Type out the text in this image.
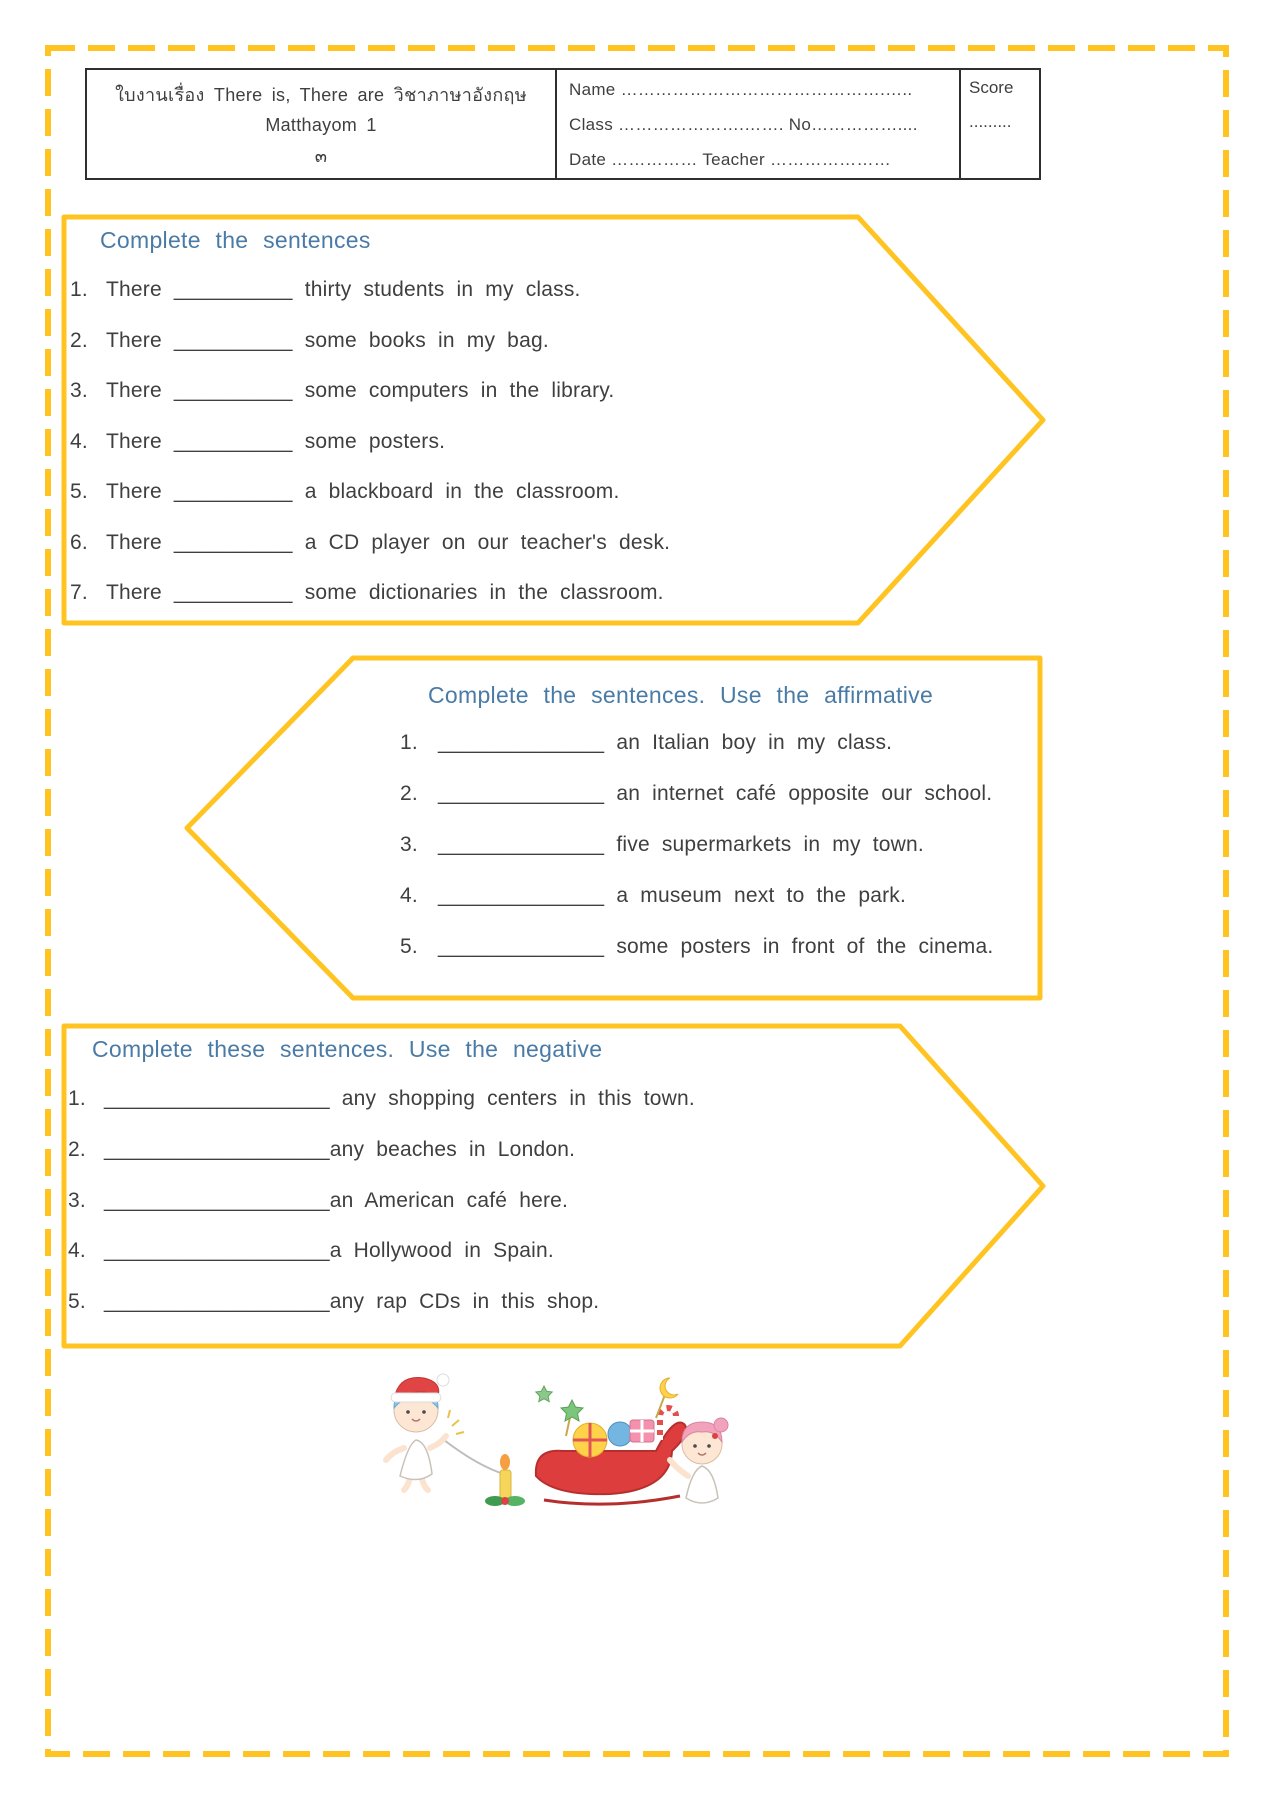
ใบงานเรื่อง There is, There are วิชาภาษาอังกฤษ
Matthayom 1
๓
Name ……………………………………….…..
Class ………………….……. No……………....
Date …………… Teacher …………………
Score
.........
Complete the sentences
1. There __________ thirty students in my class.
2. There __________ some books in my bag.
3. There __________ some computers in the library.
4. There __________ some posters.
5. There __________ a blackboard in the classroom.
6. There __________ a CD player on our teacher's desk.
7. There __________ some dictionaries in the classroom.
Complete the sentences. Use the affirmative
1. ______________ an Italian boy in my class.
2. ______________ an internet café opposite our school.
3. ______________ five supermarkets in my town.
4. ______________ a museum next to the park.
5. ______________ some posters in front of the cinema.
Complete these sentences. Use the negative
1. ___________________ any shopping centers in this town.
2. ___________________any beaches in London.
3. ___________________an American café here.
4. ___________________a Hollywood in Spain.
5. ___________________any rap CDs in this shop.
